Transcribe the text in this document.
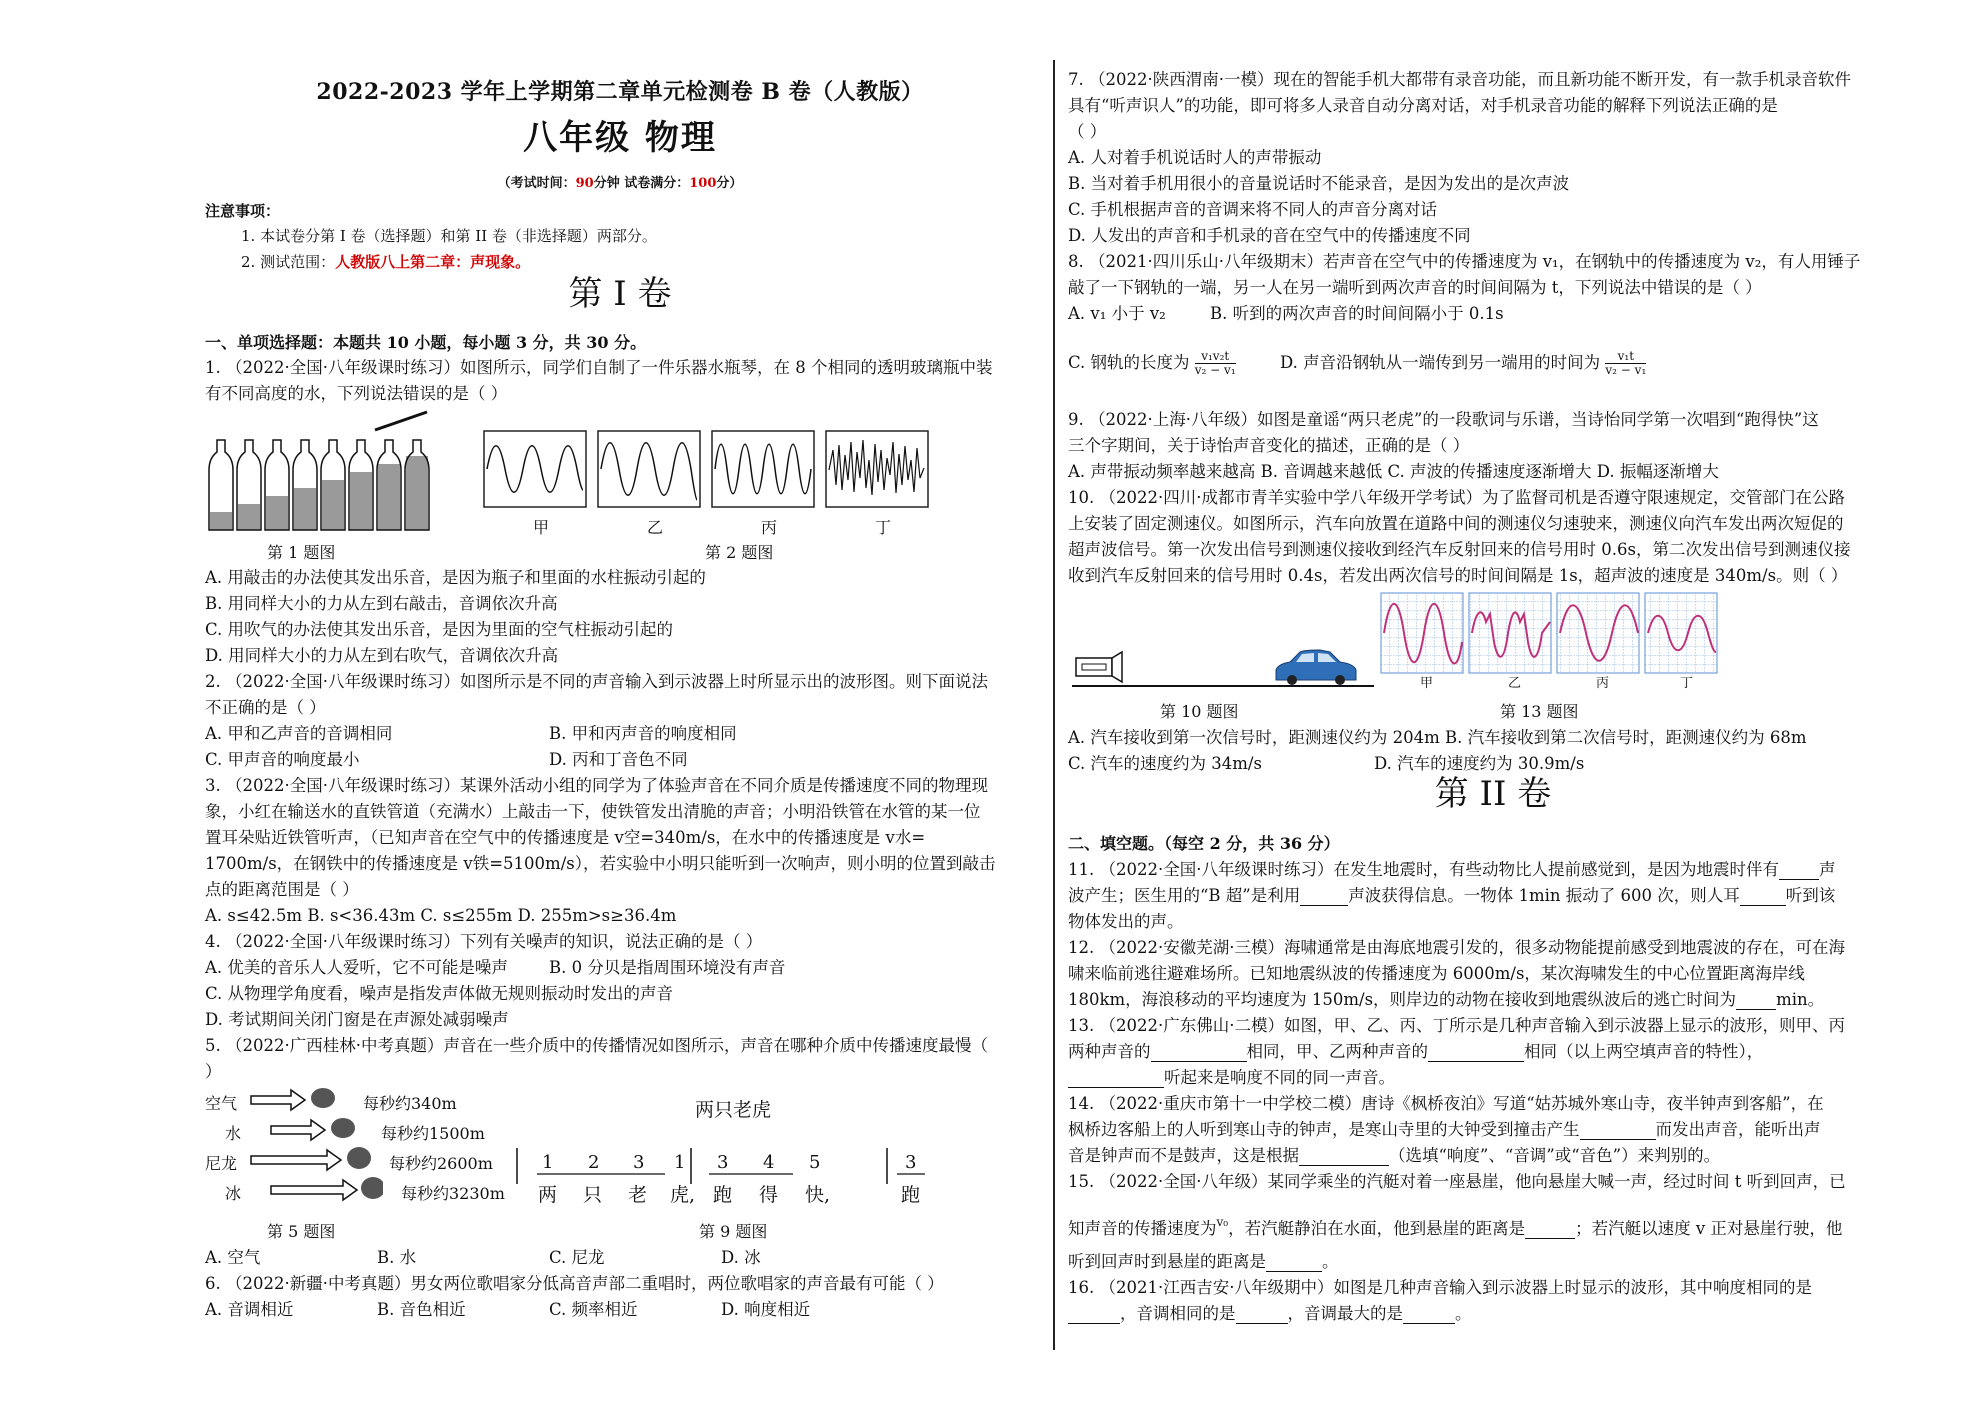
2022-2023 学年上学期第二章单元检测卷 B 卷（人教版）
八年级 物理
（考试时间：90分钟 试卷满分：100分）
注意事项：
1. 本试卷分第 I 卷（选择题）和第 II 卷（非选择题）两部分。
2. 测试范围：人教版八上第二章：声现象。
第 I 卷
一、单项选择题：本题共 10 小题，每小题 3 分，共 30 分。
1. （2022·全国·八年级课时练习）如图所示，同学们自制了一件乐器水瓶琴，在 8 个相同的透明玻璃瓶中装
有不同高度的水，下列说法错误的是（ ）
第 1 题图
甲	乙	丙	丁
第 2 题图
A. 用敲击的办法使其发出乐音，是因为瓶子和里面的水柱振动引起的
B. 用同样大小的力从左到右敲击，音调依次升高
C. 用吹气的办法使其发出乐音，是因为里面的空气柱振动引起的
D. 用同样大小的力从左到右吹气，音调依次升高
2. （2022·全国·八年级课时练习）如图所示是不同的声音输入到示波器上时所显示出的波形图。则下面说法
不正确的是（ ）
A. 甲和乙声音的音调相同	B. 甲和丙声音的响度相同
C. 甲声音的响度最小	D. 丙和丁音色不同
3. （2022·全国·八年级课时练习）某课外活动小组的同学为了体验声音在不同介质是传播速度不同的物理现
象，小红在输送水的直铁管道（充满水）上敲击一下，使铁管发出清脆的声音；小明沿铁管在水管的某一位
置耳朵贴近铁管听声，（已知声音在空气中的传播速度是 v空=340m/s，在水中的传播速度是 v水=
1700m/s，在钢铁中的传播速度是 v铁=5100m/s），若实验中小明只能听到一次响声，则小明的位置到敲击
点的距离范围是（ ）
A. s≤42.5m B. s<36.43m C. s≤255m D. 255m>s≥36.4m
4. （2022·全国·八年级课时练习）下列有关噪声的知识，说法正确的是（ ）
A. 优美的音乐人人爱听，它不可能是噪声 B. 0 分贝是指周围环境没有声音
C. 从物理学角度看，噪声是指发声体做无规则振动时发出的声音
D. 考试期间关闭门窗是在声源处减弱噪声
5. （2022·广西桂林·中考真题）声音在一些介质中的传播情况如图所示，声音在哪种介质中传播速度最慢（
）
空气
水
尼龙
冰
每秒约340m
每秒约1500m
每秒约2600m
每秒约3230m
第 5 题图
两只老虎
1 2 3 1 3 4 5	3
两 只 老 虎, 跑 得 快,	跑
第 9 题图
A. 空气	B. 水	C. 尼龙	D. 冰
6. （2022·新疆·中考真题）男女两位歌唱家分低高音声部二重唱时，两位歌唱家的声音最有可能（ ）
A. 音调相近	B. 音色相近	C. 频率相近	D. 响度相近
7. （2022·陕西渭南·一模）现在的智能手机大都带有录音功能，而且新功能不断开发，有一款手机录音软件
具有“听声识人”的功能，即可将多人录音自动分离对话，对手机录音功能的解释下列说法正确的是
（ ）
A. 人对着手机说话时人的声带振动
B. 当对着手机用很小的音量说话时不能录音，是因为发出的是次声波
C. 手机根据声音的音调来将不同人的声音分离对话
D. 人发出的声音和手机录的音在空气中的传播速度不同
8. （2021·四川乐山·八年级期末）若声音在空气中的传播速度为 v₁，在钢轨中的传播速度为 v₂，有人用锤子
敲了一下钢轨的一端，另一人在另一端听到两次声音的时间间隔为 t，下列说法中错误的是（ ）
A. v₁ 小于 v₂	B. 听到的两次声音的时间间隔小于 0.1s
C. 钢轨的长度为 $\frac{\text{v₁v₂t}}{\text{v₂ − v₁}}$	D. 声音沿钢轨从一端传到另一端用的时间为 $\frac{\text{v₁t}}{\text{v₂ − v₁}}$
9. （2022·上海·八年级）如图是童谣“两只老虎”的一段歌词与乐谱，当诗怡同学第一次唱到“跑得快”这
三个字期间，关于诗怡声音变化的描述，正确的是（ ）
A. 声带振动频率越来越高 B. 音调越来越低 C. 声波的传播速度逐渐增大 D. 振幅逐渐增大
10. （2022·四川·成都市青羊实验中学八年级开学考试）为了监督司机是否遵守限速规定，交管部门在公路
上安装了固定测速仪。如图所示，汽车向放置在道路中间的测速仪匀速驶来，测速仪向汽车发出两次短促的
超声波信号。第一次发出信号到测速仪接收到经汽车反射回来的信号用时 0.6s，第二次发出信号到测速仪接
收到汽车反射回来的信号用时 0.4s，若发出两次信号的时间间隔是 1s，超声波的速度是 340m/s。则（ ）
第 10 题图
甲	乙	丙	丁
第 13 题图
A. 汽车接收到第一次信号时，距测速仪约为 204m B. 汽车接收到第二次信号时，距测速仪约为 68m
C. 汽车的速度约为 34m/s	D. 汽车的速度约为 30.9m/s
第 II 卷
二、填空题。（每空 2 分，共 36 分）
11. （2022·全国·八年级课时练习）在发生地震时，有些动物比人提前感觉到，是因为地震时伴有 声
波产生；医生用的“B 超”是利用	声波获得信息。一物体 1min 振动了 600 次，则人耳	听到该
物体发出的声。
12. （2022·安徽芜湖·三模）海啸通常是由海底地震引发的，很多动物能提前感受到地震波的存在，可在海
啸来临前逃往避难场所。已知地震纵波的传播速度为 6000m/s，某次海啸发生的中心位置距离海岸线
180km，海浪移动的平均速度为 150m/s，则岸边的动物在接收到地震纵波后的逃亡时间为 min。
13. （2022·广东佛山·二模）如图，甲、乙、丙、丁所示是几种声音输入到示波器上显示的波形，则甲、丙
两种声音的	相同，甲、乙两种声音的	相同（以上两空填声音的特性），
听起来是响度不同的同一声音。
14. （2022·重庆市第十一中学校二模）唐诗《枫桥夜泊》写道“姑苏城外寒山寺，夜半钟声到客船”，在
枫桥边客船上的人听到寒山寺的钟声，是寒山寺里的大钟受到撞击产生	而发出声音，能听出声
音是钟声而不是鼓声，这是根据	（选填“响度”、“音调”或“音色”）来判别的。
15. （2022·全国·八年级）某同学乘坐的汽艇对着一座悬崖，他向悬崖大喊一声，经过时间 t 听到回声，已
知声音的传播速度为$^{v_0}$，若汽艇静泊在水面，他到悬崖的距离是	；若汽艇以速度 v 正对悬崖行驶，他
听到回声时到悬崖的距离是	。
16. （2021·江西吉安·八年级期中）如图是几种声音输入到示波器上时显示的波形，其中响度相同的是
，音调相同的是	，音调最大的是	。
